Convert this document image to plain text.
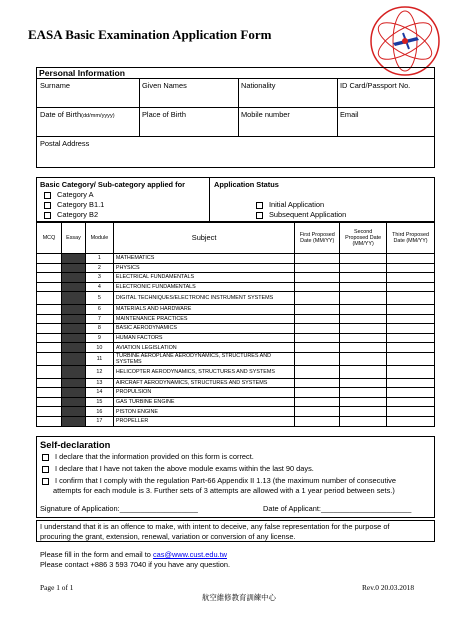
EASA Basic Examination Application Form
Personal Information
Surname	Given Names	Nationality	ID Card/Passport No.
Date of Birth(dd/mm/yyyy)	Place of Birth	Mobile number	Email
Postal Address
Basic Category/ Sub-category applied for
Category A
Category B1.1
Category B2
Application Status
Initial Application
Subsequent Application
MCQ	Essay	Module	Subject	First Proposed Date (MM/YY)	Second Proposed Date (MM/YY)	Third Proposed Date (MM/YY)
		1	MATHEMATICS			
		2	PHYSICS			
		3	ELECTRICAL FUNDAMENTALS			
		4	ELECTRONIC FUNDAMENTALS			
		5	DIGITAL TECHNIQUES/ELECTRONIC INSTRUMENT SYSTEMS			
		6	MATERIALS AND HARDWARE			
		7	MAINTENANCE PRACTICES			
		8	BASIC AERODYNAMICS			
		9	HUMAN FACTORS			
		10	AVIATION LEGISLATION			
		11	TURBINE AEROPLANE AERODYNAMICS, STRUCTURES AND SYSTEMS			
		12	HELICOPTER AERODYNAMICS, STRUCTURES AND SYSTEMS			
		13	AIRCRAFT AERODYNAMICS, STRUCTURES AND SYSTEMS			
		14	PROPULSION			
		15	GAS TURBINE ENGINE			
		16	PISTON ENGINE			
		17	PROPELLER			
Self-declaration
I declare that the information provided on this form is correct.
I declare that I have not taken the above module exams within the last 90 days.
I confirm that I comply with the regulation Part-66 Appendix II 1.13 (the maximum number of consecutive
attempts for each module is 3. Further sets of 3 attempts are allowed with a 1 year period between sets.)
Signature of Application:___________________	Date of Applicant:______________________
I understand that it is an offence to make, with intent to deceive, any false representation for the purpose of
procuring the grant, extension, renewal, variation or conversion of any license.
Please fill in the form and email to cas@www.cust.edu.tw
Please contact +886 3 593 7040 if you have any question.
Page 1 of 1	Rev.0 20.03.2018
航空維修教育訓練中心
